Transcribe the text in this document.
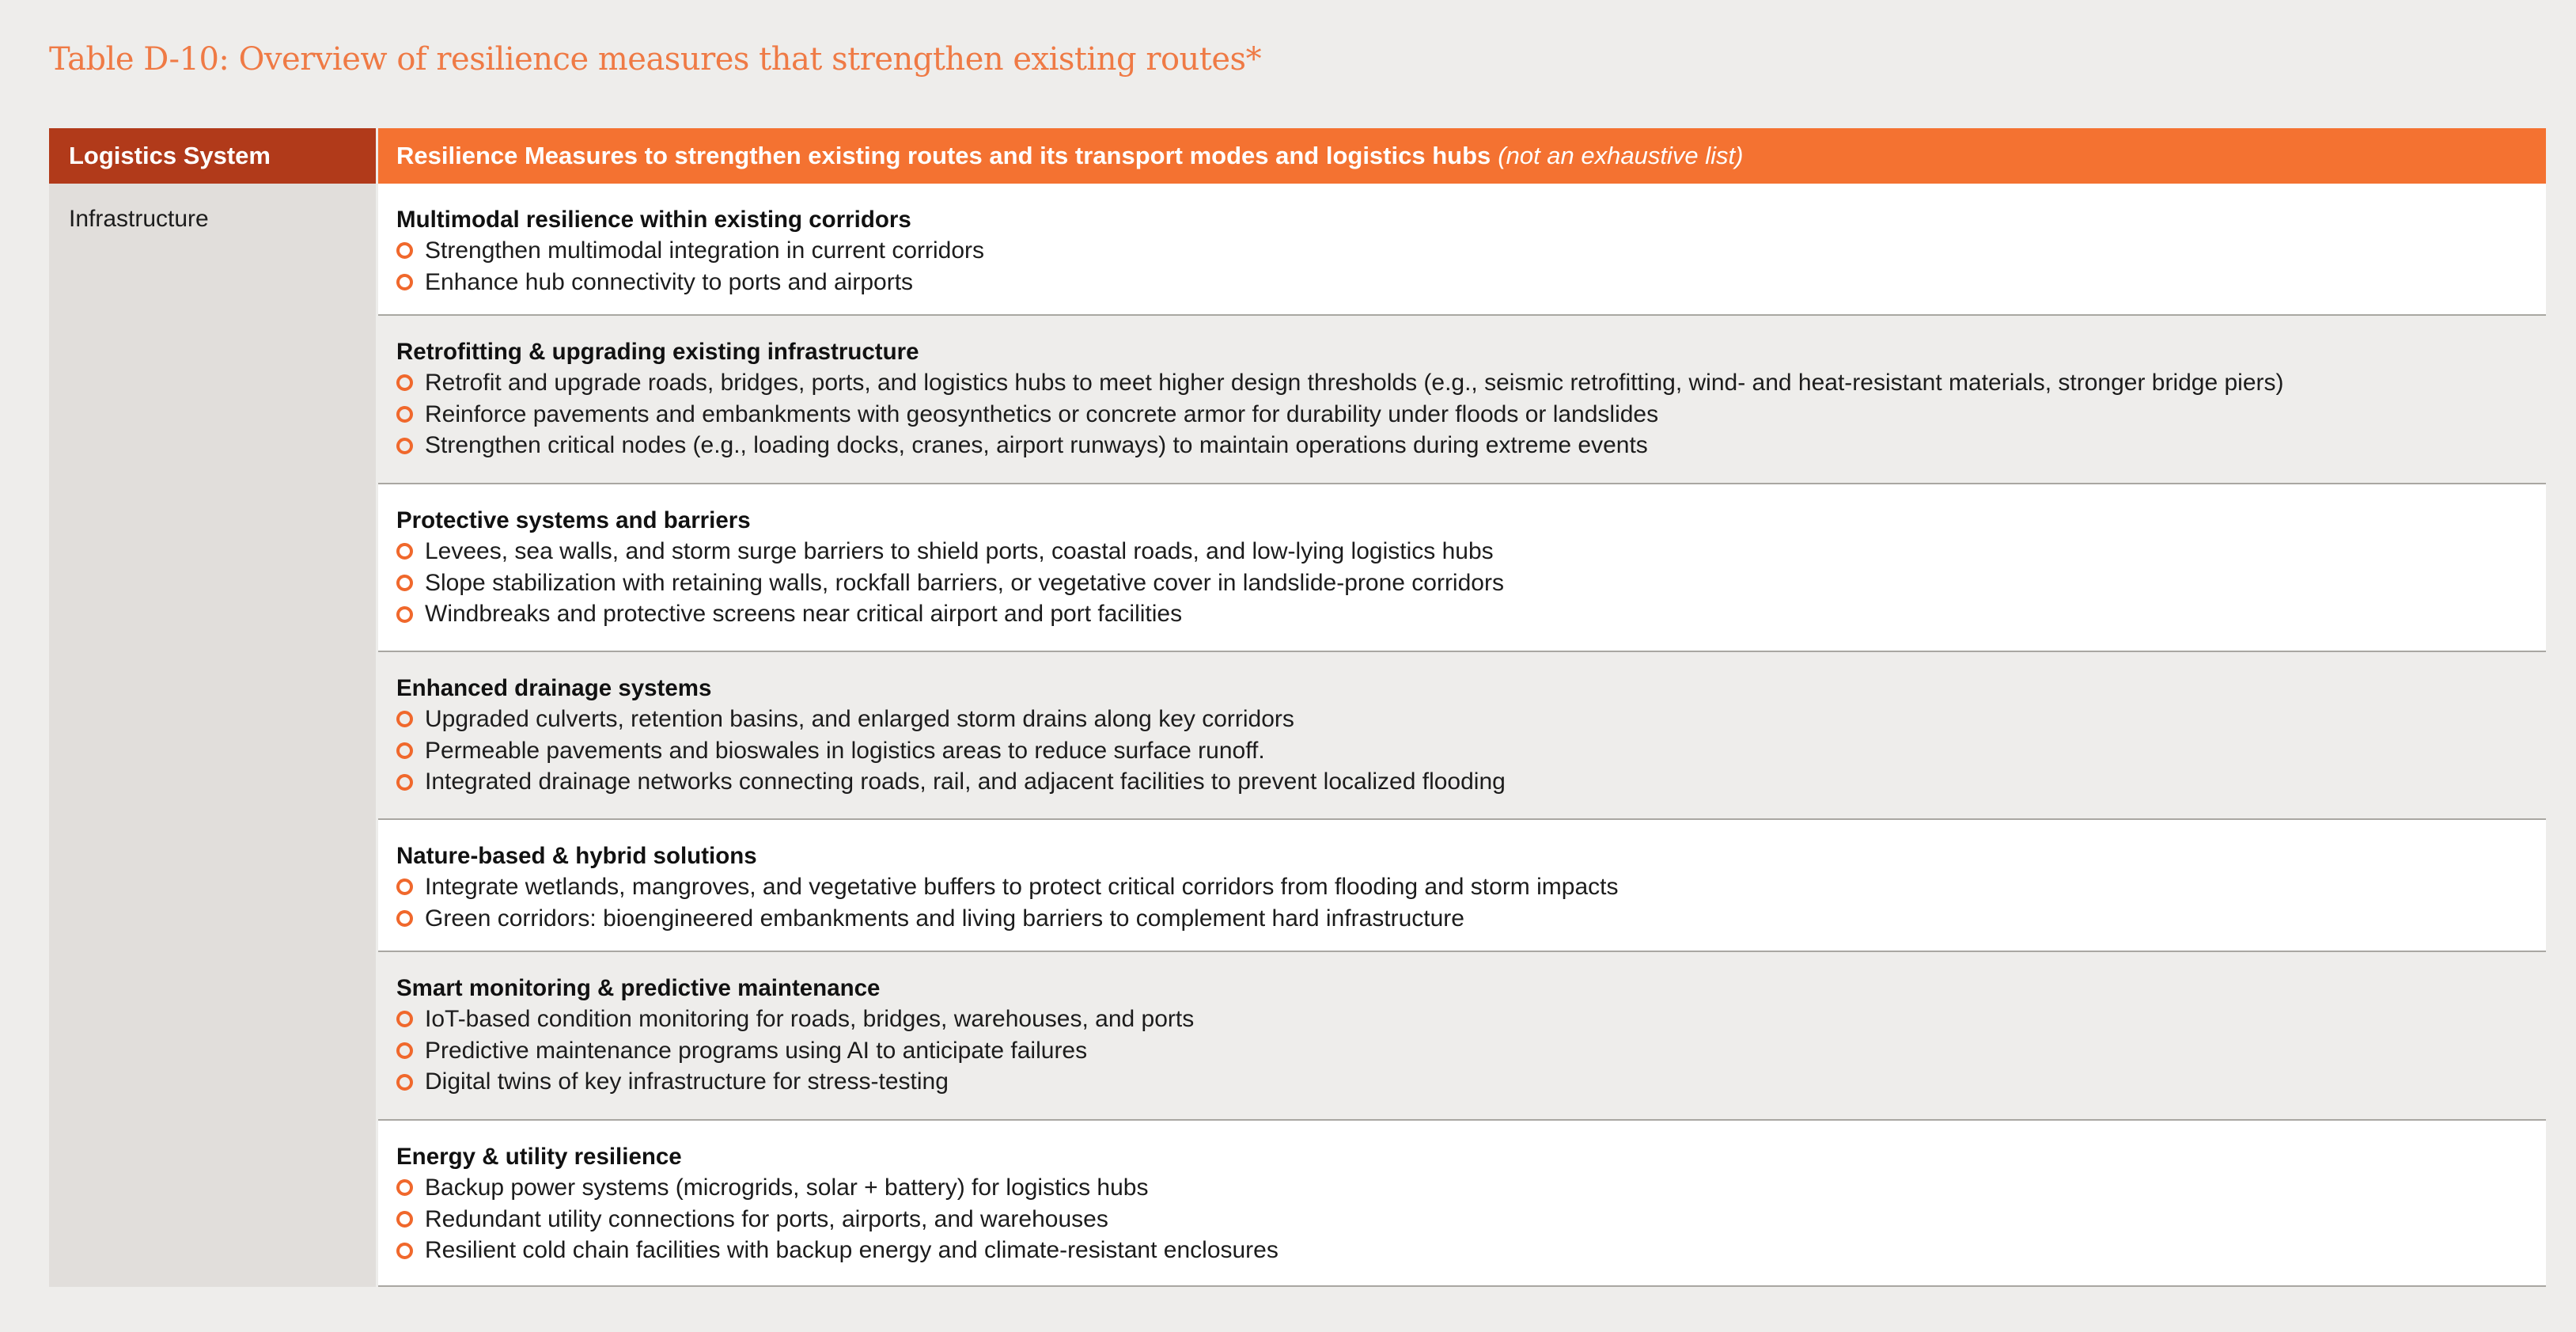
Table D-10: Overview of resilience measures that strengthen existing routes*
Logistics System	Resilience Measures to strengthen existing routes and its transport modes and logistics hubs (not an exhaustive list)
Infrastructure	Multimodal resilience within existing corridors
Strengthen multimodal integration in current corridors
Enhance hub connectivity to ports and airports
Retrofitting & upgrading existing infrastructure
Retrofit and upgrade roads, bridges, ports, and logistics hubs to meet higher design thresholds (e.g., seismic retrofitting, wind- and heat-resistant materials, stronger bridge piers)
Reinforce pavements and embankments with geosynthetics or concrete armor for durability under floods or landslides
Strengthen critical nodes (e.g., loading docks, cranes, airport runways) to maintain operations during extreme events
Protective systems and barriers
Levees, sea walls, and storm surge barriers to shield ports, coastal roads, and low-lying logistics hubs
Slope stabilization with retaining walls, rockfall barriers, or vegetative cover in landslide-prone corridors
Windbreaks and protective screens near critical airport and port facilities
Enhanced drainage systems
Upgraded culverts, retention basins, and enlarged storm drains along key corridors
Permeable pavements and bioswales in logistics areas to reduce surface runoff.
Integrated drainage networks connecting roads, rail, and adjacent facilities to prevent localized flooding
Nature-based & hybrid solutions
Integrate wetlands, mangroves, and vegetative buffers to protect critical corridors from flooding and storm impacts
Green corridors: bioengineered embankments and living barriers to complement hard infrastructure
Smart monitoring & predictive maintenance
IoT-based condition monitoring for roads, bridges, warehouses, and ports
Predictive maintenance programs using AI to anticipate failures
Digital twins of key infrastructure for stress-testing
Energy & utility resilience
Backup power systems (microgrids, solar + battery) for logistics hubs
Redundant utility connections for ports, airports, and warehouses
Resilient cold chain facilities with backup energy and climate-resistant enclosures
